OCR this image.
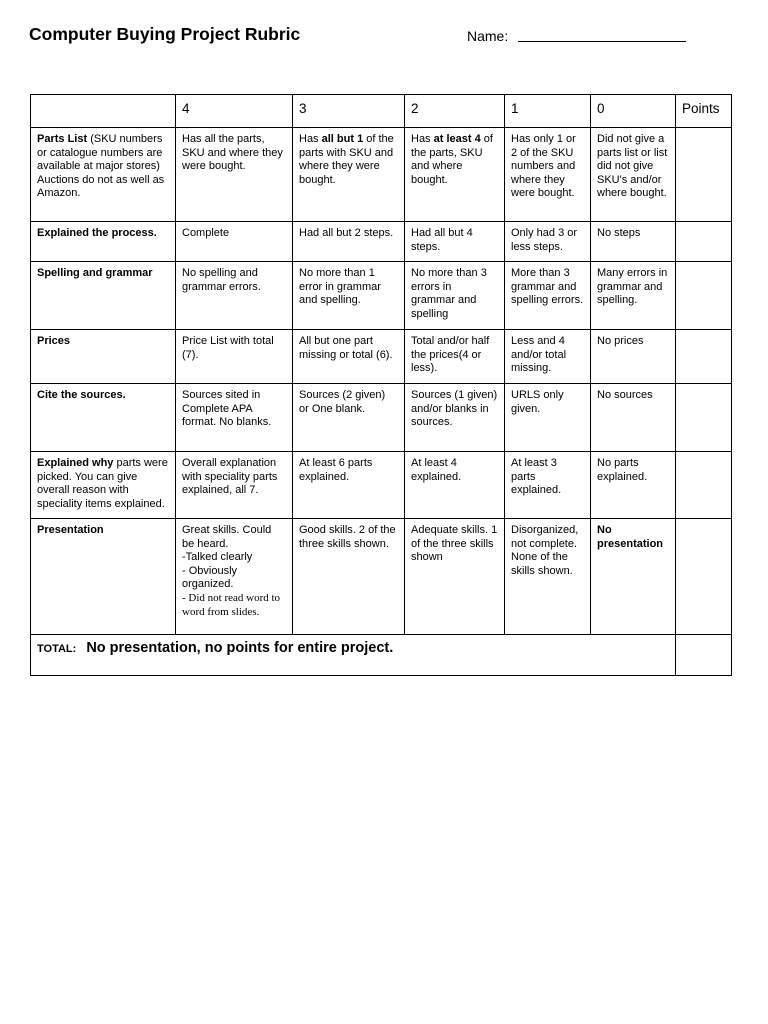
Computer Buying Project Rubric	Name:
	4	3	2	1	0	Points
Parts List (SKU numbers or catalogue numbers are available at major stores) Auctions do not as well as Amazon.	Has all the parts, SKU and where they were bought.	Has all but 1 of the parts with SKU and where they were bought.	Has at least 4 of the parts, SKU and where bought.	Has only 1 or 2 of the SKU numbers and where they were bought.	Did not give a parts list or list did not give SKU's and/or where bought.	
Explained the process.	Complete	Had all but 2 steps.	Had all but 4 steps.	Only had 3 or less steps.	No steps	
Spelling and grammar	No spelling and grammar errors.	No more than 1 error in grammar and spelling.	No more than 3 errors in grammar and spelling	More than 3 grammar and spelling errors.	Many errors in grammar and spelling.	
Prices	Price List with total (7).	All but one part missing or total (6).	Total and/or half the prices(4 or less).	Less and 4 and/or total missing.	No prices	
Cite the sources.	Sources sited in Complete APA format. No blanks.	Sources (2 given) or One blank.	Sources (1 given) and/or blanks in sources.	URLS only given.	No sources	
Explained why parts were picked. You can give overall reason with speciality items explained.	Overall explanation with speciality parts explained, all 7.	At least 6 parts explained.	At least 4 explained.	At least 3 parts explained.	No parts explained.	
Presentation	Great skills. Could be heard.
-Talked clearly
- Obviously organized.
- Did not read word to word from slides.	Good skills. 2 of the three skills shown.	Adequate skills. 1 of the three skills shown	Disorganized, not complete. None of the skills shown.	No presentation	
TOTAL: No presentation, no points for entire project.						
